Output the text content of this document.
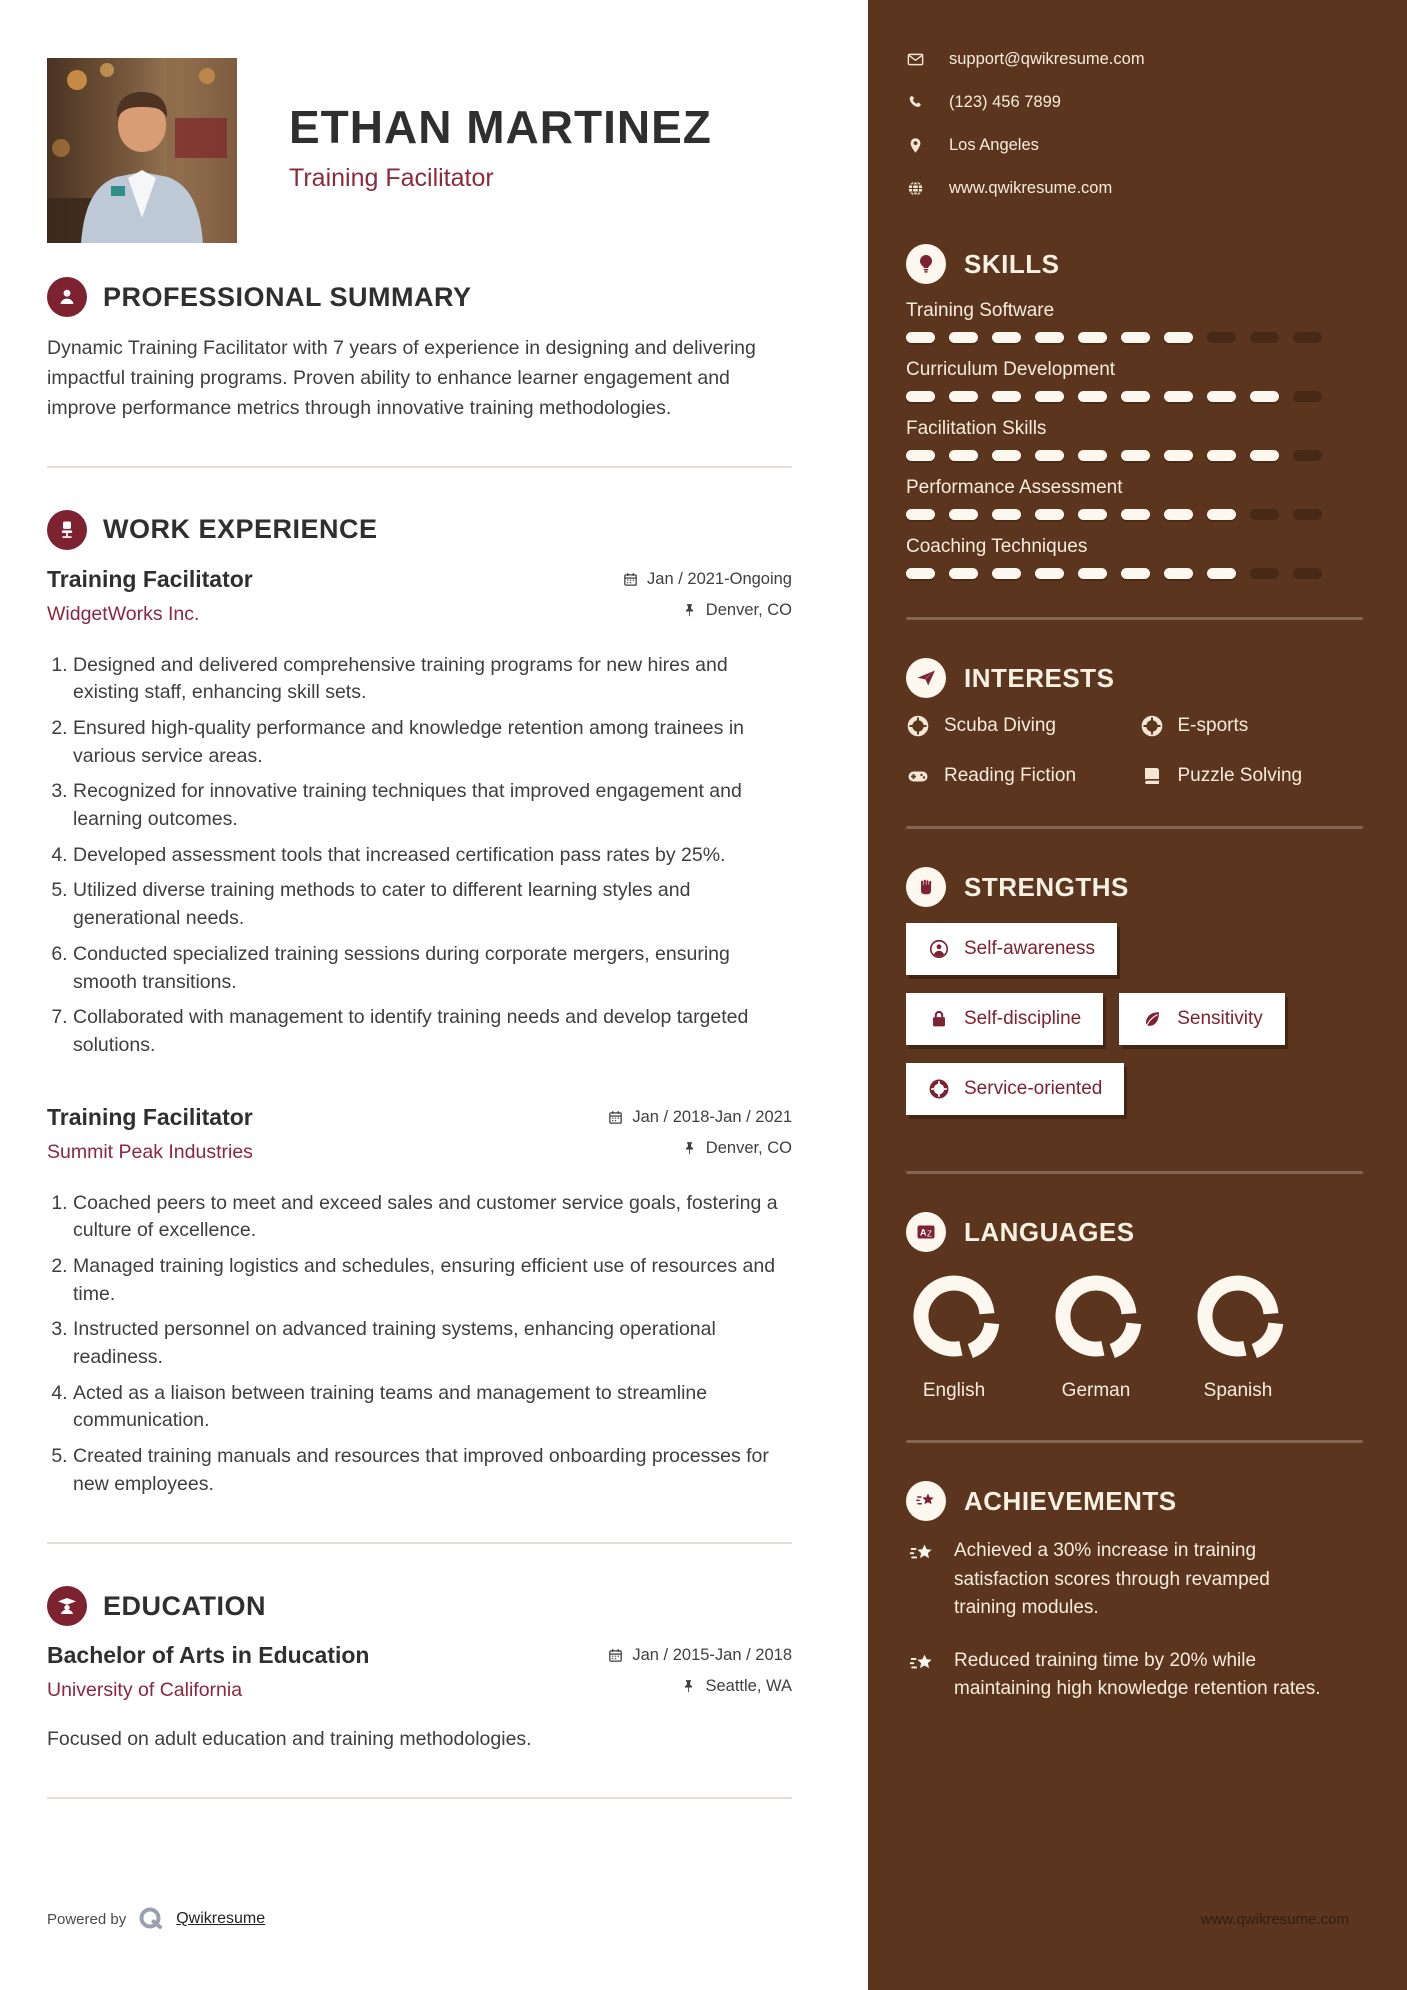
ETHAN MARTINEZ
Training Facilitator
PROFESSIONAL SUMMARY

Dynamic Training Facilitator with 7 years of experience in designing and delivering impactful training programs. Proven ability to enhance learner engagement and improve performance metrics through innovative training methodologies.

WORK EXPERIENCE
Training Facilitator
WidgetWorks Inc.
Jan / 2021-Ongoing
Denver, CO
1. Designed and delivered comprehensive training programs for new hires and existing staff, enhancing skill sets.
2. Ensured high-quality performance and knowledge retention among trainees in various service areas.
3. Recognized for innovative training techniques that improved engagement and learning outcomes.
4. Developed assessment tools that increased certification pass rates by 25%.
5. Utilized diverse training methods to cater to different learning styles and generational needs.
6. Conducted specialized training sessions during corporate mergers, ensuring smooth transitions.
7. Collaborated with management to identify training needs and develop targeted solutions.
Training Facilitator
Summit Peak Industries
Jan / 2018-Jan / 2021
Denver, CO
1. Coached peers to meet and exceed sales and customer service goals, fostering a culture of excellence.
2. Managed training logistics and schedules, ensuring efficient use of resources and time.
3. Instructed personnel on advanced training systems, enhancing operational readiness.
4. Acted as a liaison between training teams and management to streamline communication.
5. Created training manuals and resources that improved onboarding processes for new employees.
EDUCATION
Bachelor of Arts in Education
University of California
Jan / 2015-Jan / 2018
Seattle, WA

Focused on adult education and training methodologies.

Powered by	Qwikresume
support@qwikresume.com
(123) 456 7899
Los Angeles
www.qwikresume.com
SKILLS
Training Software
Curriculum Development
Facilitation Skills
Performance Assessment
Coaching Techniques
INTERESTS
Scuba Diving	E-sports
Reading Fiction	Puzzle Solving
STRENGTHS
Self-awareness
Self-discipline	Sensitivity
Service-oriented
A Z LANGUAGES
English	German	Spanish
ACHIEVEMENTS
Achieved a 30% increase in training satisfaction scores through revamped training modules.
Reduced training time by 20% while maintaining high knowledge retention rates.
www.qwikresume.com
